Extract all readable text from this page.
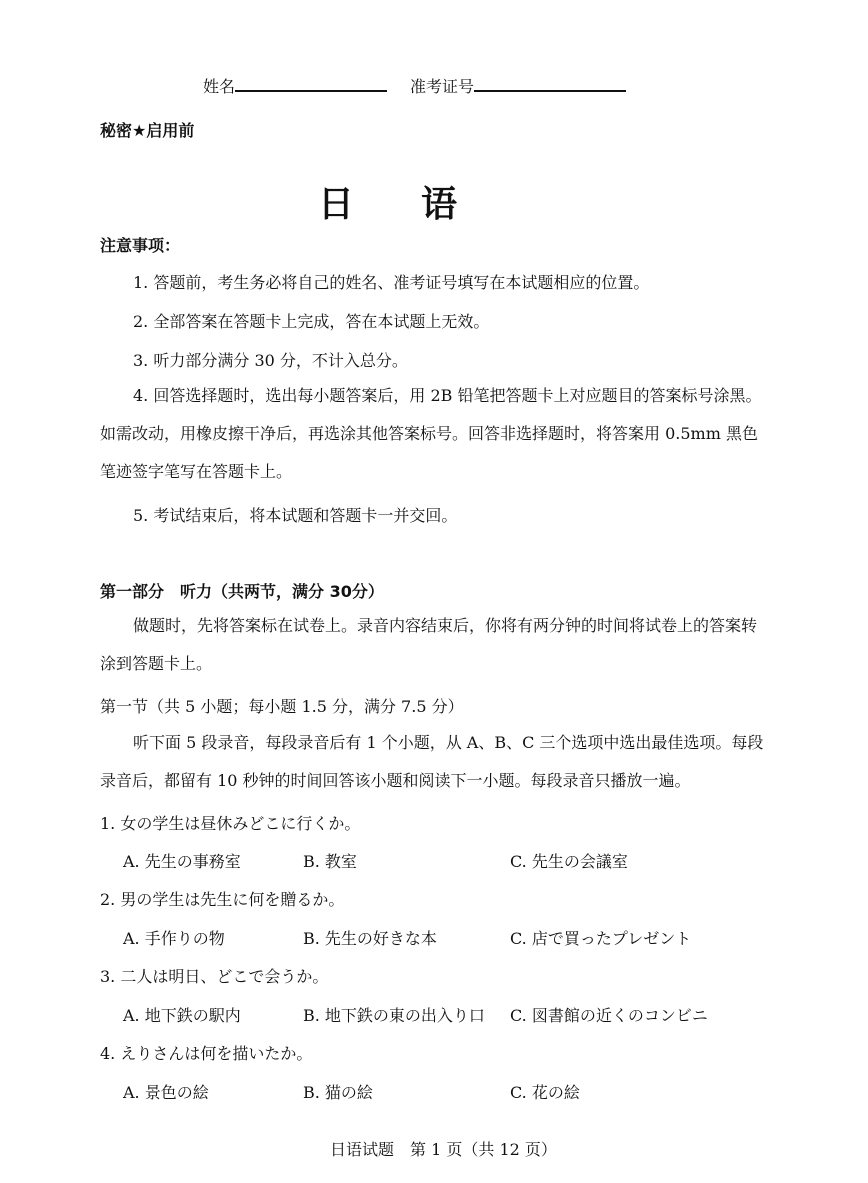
姓名	准考证号
秘密★启用前
日 语
注意事项：
1. 答题前，考生务必将自己的姓名、准考证号填写在本试题相应的位置。
2. 全部答案在答题卡上完成，答在本试题上无效。
3. 听力部分满分 30 分，不计入总分。
4. 回答选择题时，选出每小题答案后，用 2B 铅笔把答题卡上对应题目的答案标号涂黑。如需改动，用橡皮擦干净后，再选涂其他答案标号。回答非选择题时，将答案用 0.5mm 黑色笔迹签字笔写在答题卡上。
5. 考试结束后，将本试题和答题卡一并交回。
第一部分　听力（共两节，满分 30分）
做题时，先将答案标在试卷上。录音内容结束后，你将有两分钟的时间将试卷上的答案转涂到答题卡上。
第一节（共 5 小题；每小题 1.5 分，满分 7.5 分）
听下面 5 段录音，每段录音后有 1 个小题，从 A、B、C 三个选项中选出最佳选项。每段录音后，都留有 10 秒钟的时间回答该小题和阅读下一小题。每段录音只播放一遍。
1. 女の学生は昼休みどこに行くか。
A. 先生の事務室	B. 教室	C. 先生の会議室
2. 男の学生は先生に何を贈るか。
A. 手作りの物	B. 先生の好きな本	C. 店で買ったプレゼント
3. 二人は明日、どこで会うか。
A. 地下鉄の駅内	B. 地下鉄の東の出入り口 C. 図書館の近くのコンビニ
4. えりさんは何を描いたか。
A. 景色の絵	B. 猫の絵	C. 花の絵
日语试题　第 1 页（共 12 页）
